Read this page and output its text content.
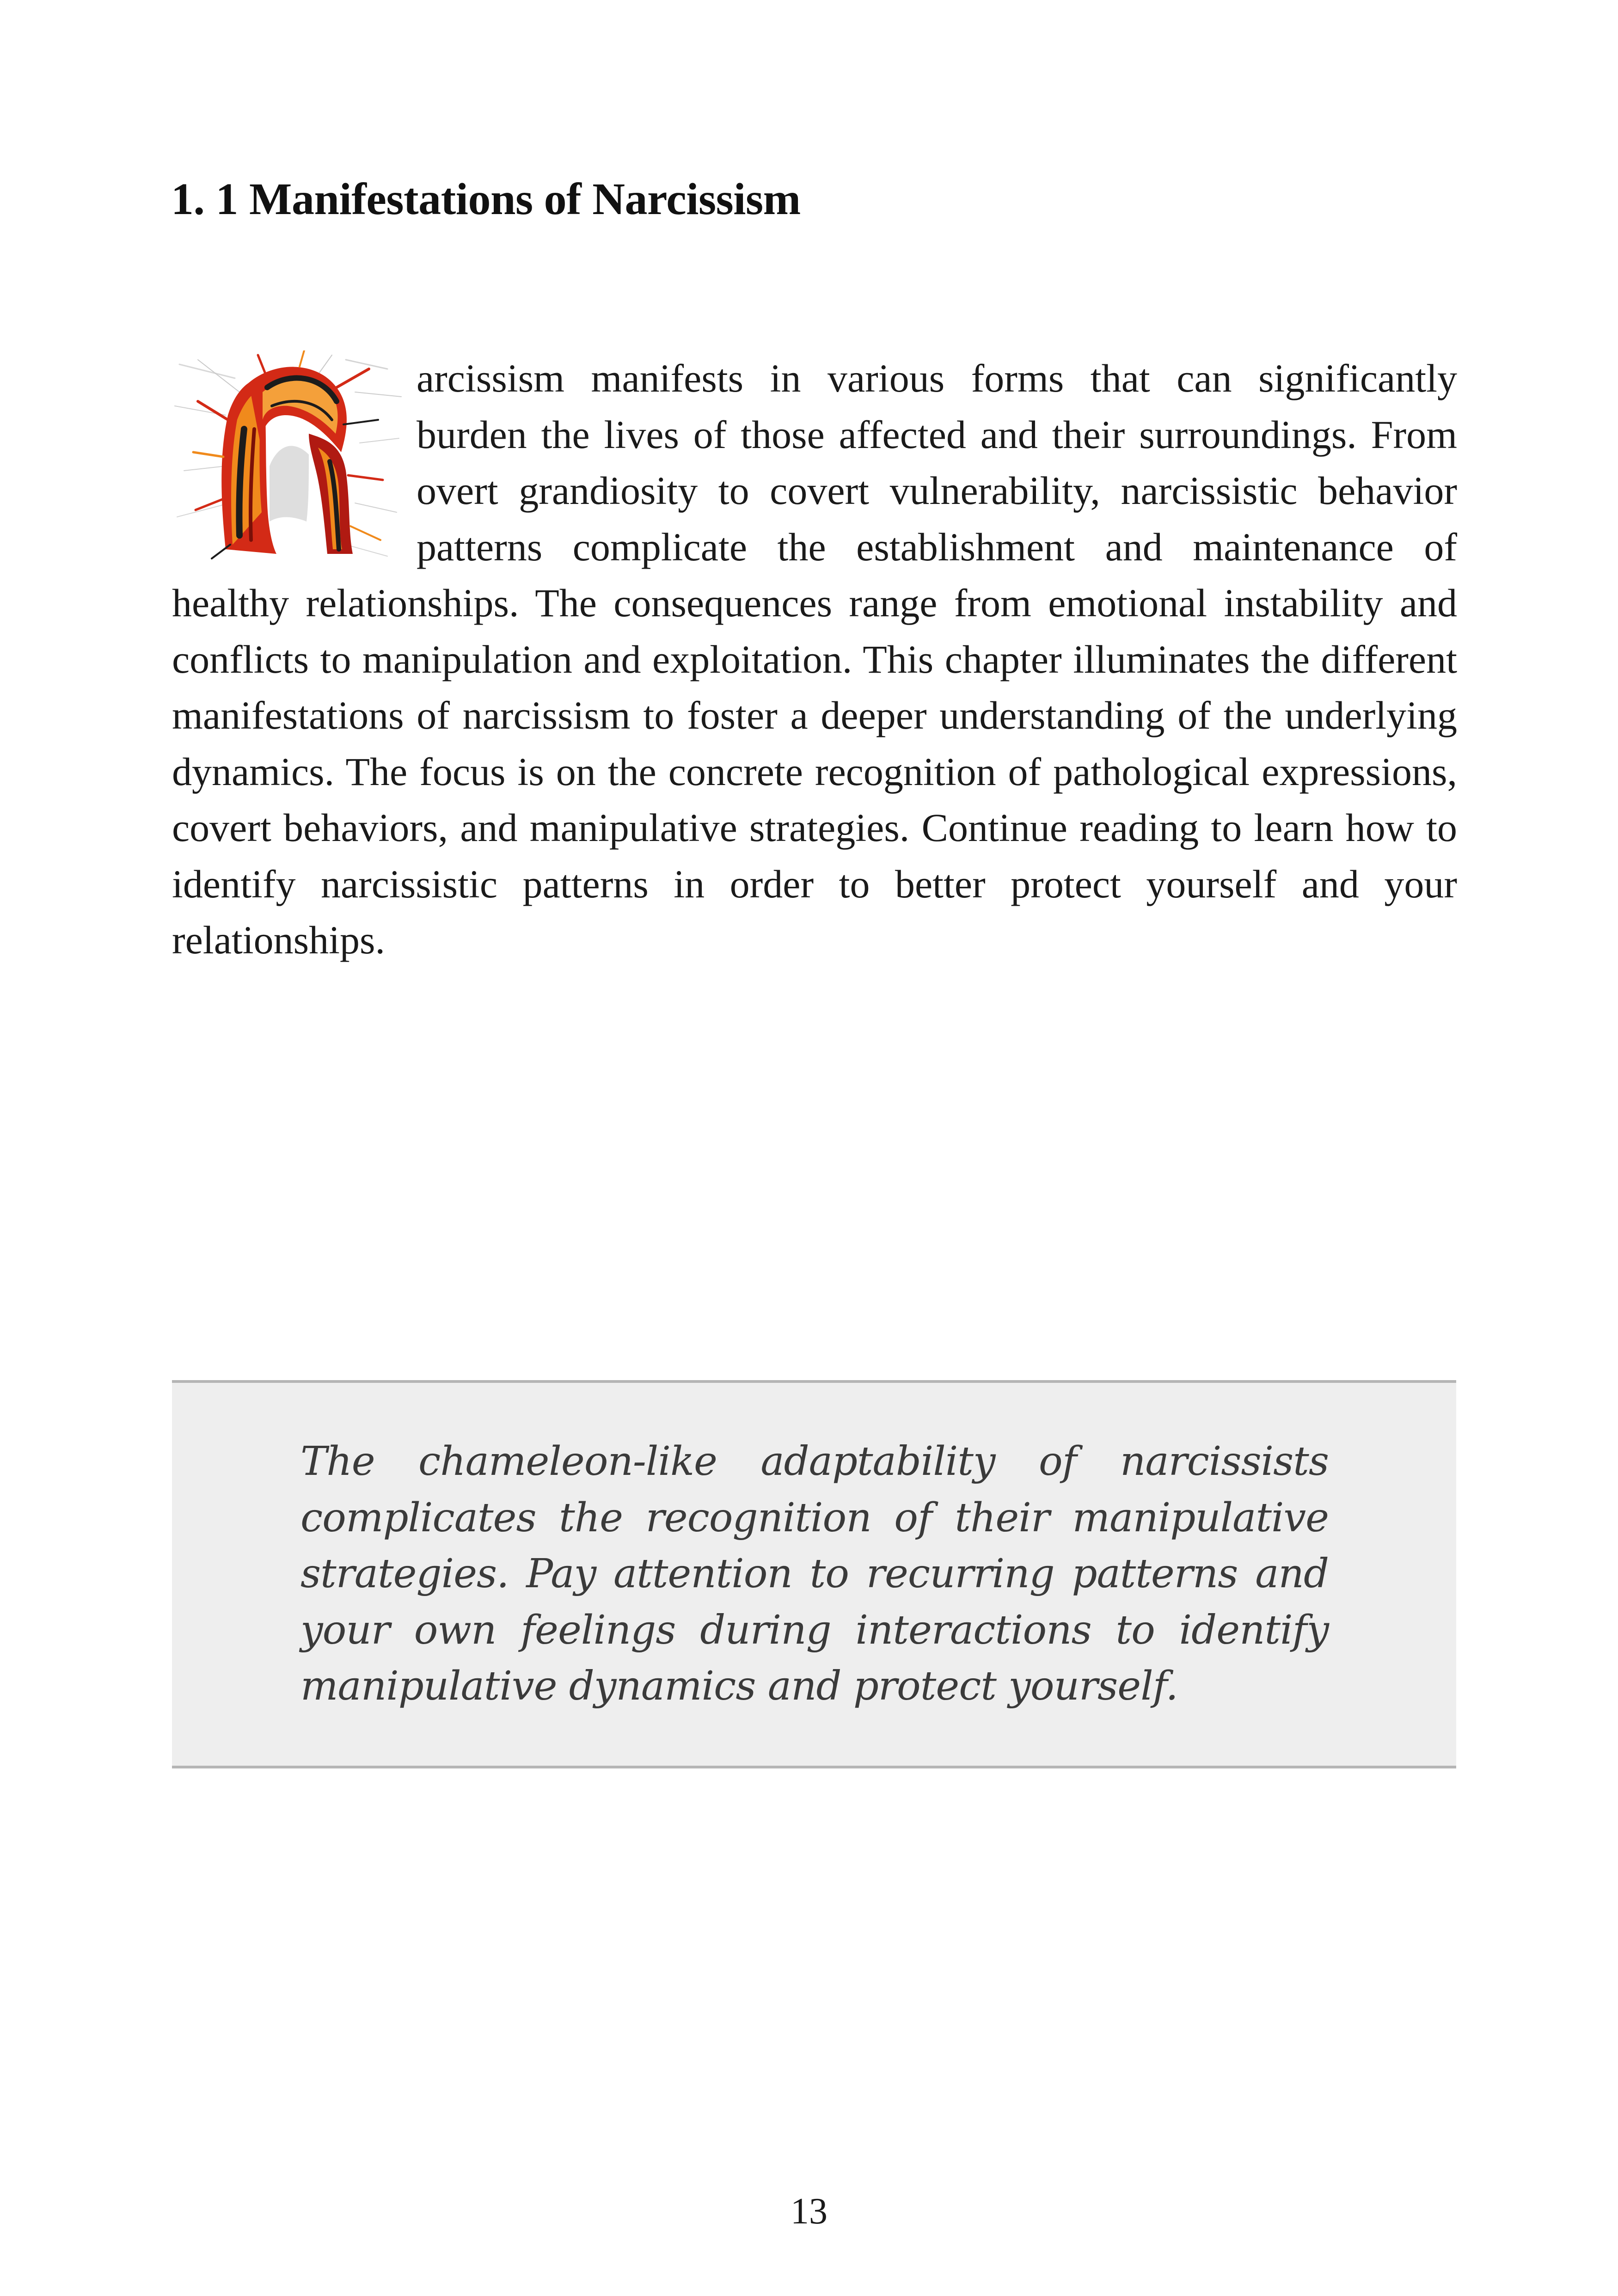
1. 1 Manifestations of Narcissism

arcissism manifests in various forms that can significantly burden the lives of those affected and their surroundings. From overt grandiosity to covert vulnerability, narcissistic behavior patterns complicate the establishment and maintenance of healthy relationships. The consequences range from emotional instability and conflicts to manipulation and exploitation. This chapter illuminates the different manifestations of narcissism to foster a deeper understanding of the underlying dynamics. The focus is on the concrete recognition of pathological expressions, covert behaviors, and manipulative strategies. Continue reading to learn how to identify narcissistic patterns in order to better protect yourself and your relationships.

The chameleon-like adaptability of narcissists complicates the recognition of their manipulative strategies. Pay attention to recurring patterns and your own feelings during interactions to identify manipulative dynamics and protect yourself.

13
